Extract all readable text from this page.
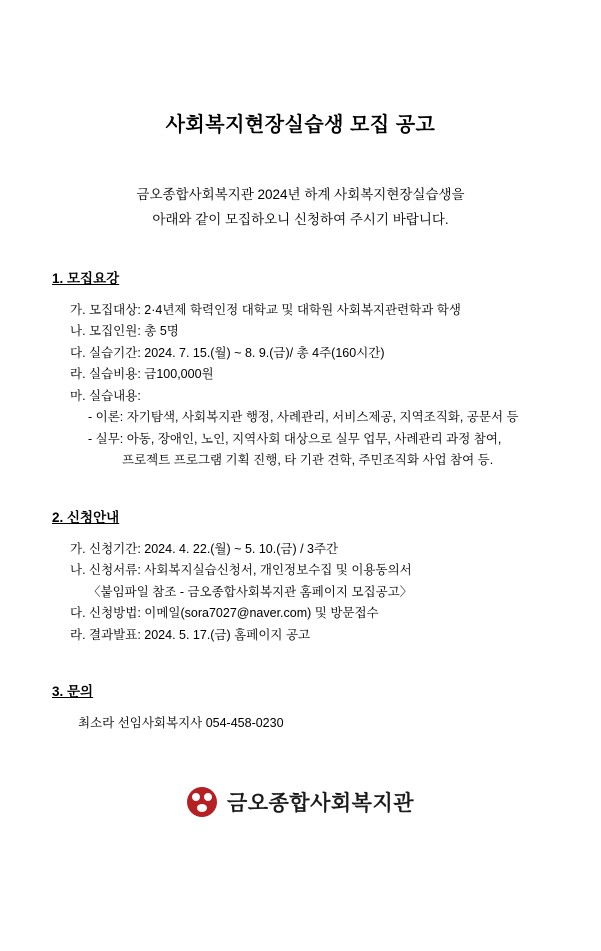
사회복지현장실습생 모집 공고
금오종합사회복지관 2024년 하계 사회복지현장실습생을
아래와 같이 모집하오니 신청하여 주시기 바랍니다.
1. 모집요강
가. 모집대상: 2·4년제 학력인정 대학교 및 대학원 사회복지관련학과 학생
나. 모집인원: 총 5명
다. 실습기간: 2024. 7. 15.(월) ~ 8. 9.(금)/ 총 4주(160시간)
라. 실습비용: 금100,000원
마. 실습내용:
- 이론: 자기탐색, 사회복지관 행정, 사례관리, 서비스제공, 지역조직화, 공문서 등
- 실무: 아동, 장애인, 노인, 지역사회 대상으로 실무 업무, 사례관리 과정 참여,
프로젝트 프로그램 기획 진행, 타 기관 견학, 주민조직화 사업 참여 등.
2. 신청안내
가. 신청기간: 2024. 4. 22.(월) ~ 5. 10.(금) / 3주간
나. 신청서류: 사회복지실습신청서, 개인정보수집 및 이용동의서
〈붙임파일 참조 - 금오종합사회복지관 홈페이지 모집공고〉
다. 신청방법: 이메일(sora7027@naver.com) 및 방문접수
라. 결과발표: 2024. 5. 17.(금) 홈페이지 공고
3. 문의
최소라 선임사회복지사 054-458-0230
금오종합사회복지관
